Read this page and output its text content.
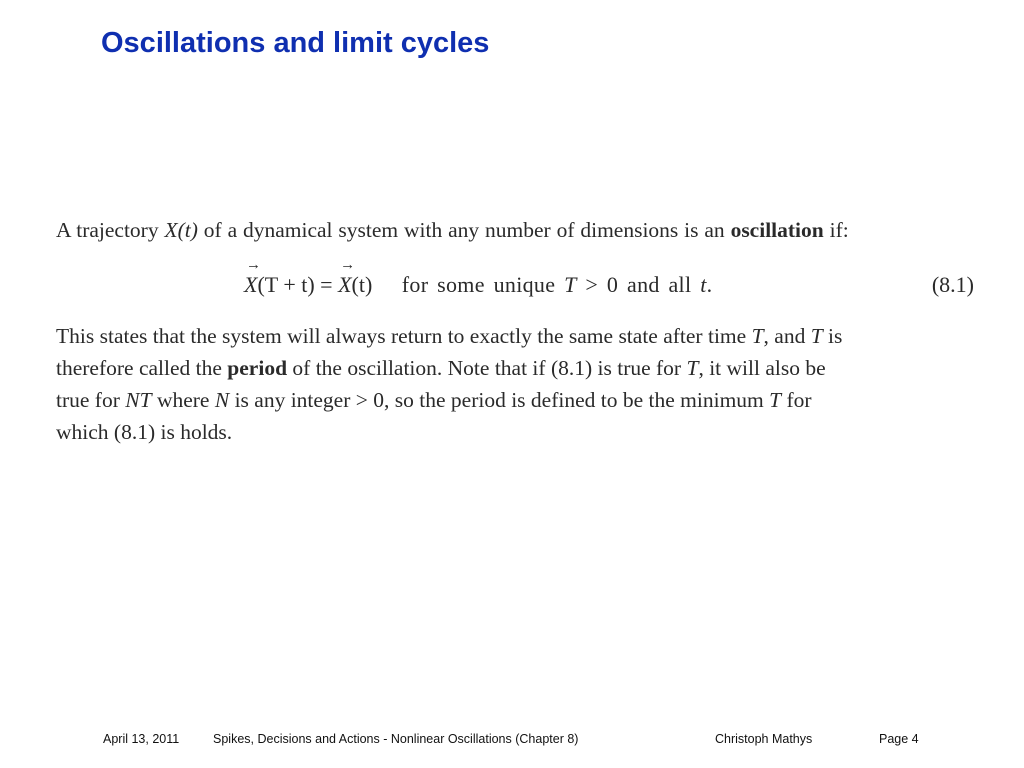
Oscillations and limit cycles
A trajectory X(t) of a dynamical system with any number of dimensions is an oscillation if:
→ X(T + t) = → X(t) for some unique T > 0 and all t.	(8.1)
This states that the system will always return to exactly the same state after time T, and T is
therefore called the period of the oscillation. Note that if (8.1) is true for T, it will also be
true for NT where N is any integer > 0, so the period is defined to be the minimum T for
which (8.1) is holds.
April 13, 2011	Spikes, Decisions and Actions - Nonlinear Oscillations (Chapter 8)	Christoph Mathys	Page 4
